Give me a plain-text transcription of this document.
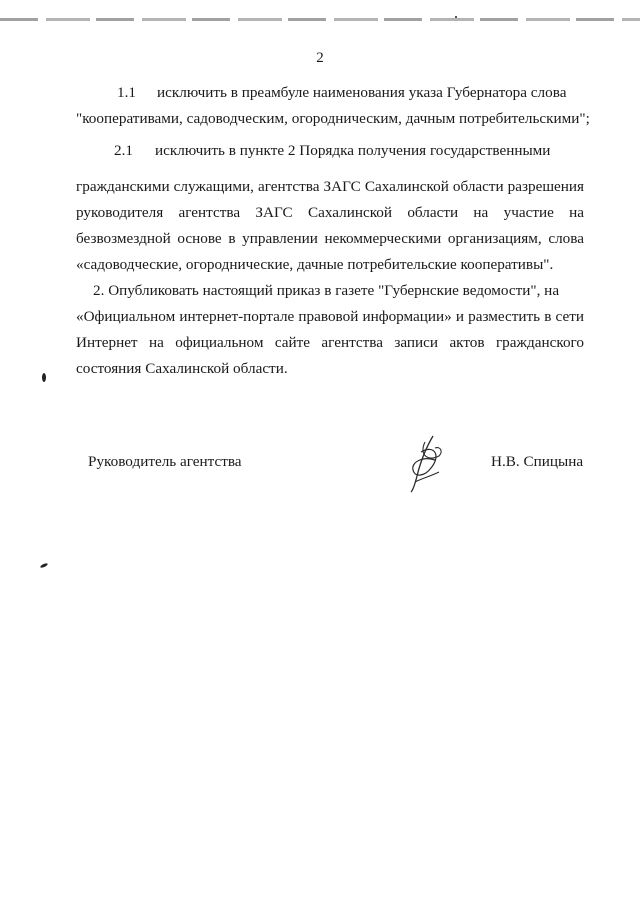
2
1.1 исключить в преамбуле наименования указа Губернатора слова
"кооперативами, садоводческим, огородническим, дачным потребительскими";
2.1 исключить в пункте 2 Порядка получения государственными
гражданскими служащими, агентства ЗАГС Сахалинской области разрешения
руководителя агентства ЗАГС Сахалинской области на участие на
безвозмездной основе в управлении некоммерческими организациям, слова
«садоводческие, огороднические, дачные потребительские кооперативы".
2. Опубликовать настоящий приказ в газете "Губернские ведомости", на
«Официальном интернет-портале правовой информации» и разместить в сети
Интернет на официальном сайте агентства записи актов гражданского
состояния Сахалинской области.
Руководитель агентства	Н.В. Спицына
